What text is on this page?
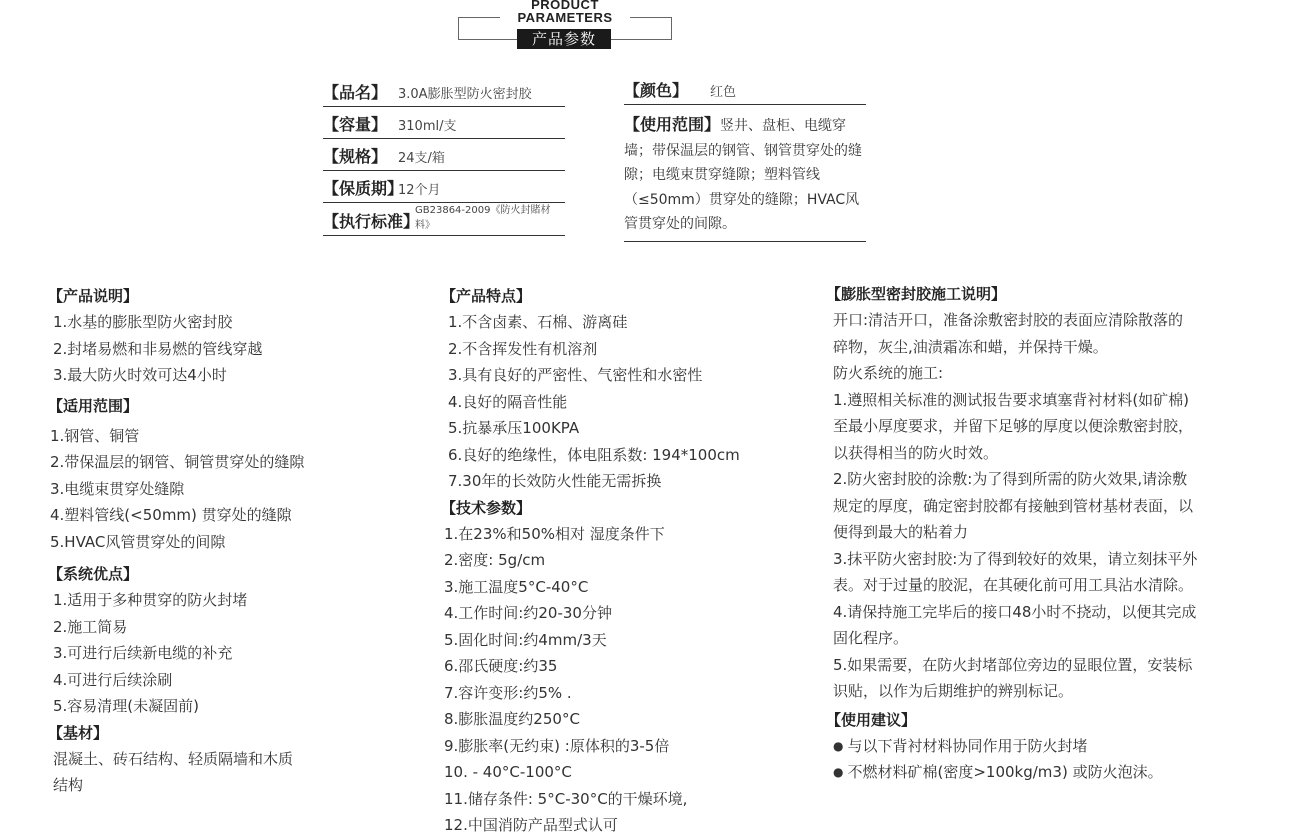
PRODUCT
PARAMETERS
产品参数
【品名】 3.0A膨胀型防火密封胶
【容量】 310ml/支
【规格】 24支/箱
【保质期】
12个月
【执行标准】
GB23864-2009《防火封賭材料》
【颜色】 红色
【使用范围】竖井、盘柜、电缆穿墙；带保温层的钢管、钢管贯穿处的缝隙；电缆束贯穿缝隙；塑料管线（≤50mm）贯穿处的缝隙；HVAC风管贯穿处的间隙。
【产品说明】
1.水基的膨胀型防火密封胶
2.封堵易燃和非易燃的管线穿越
3.最大防火时效可达4小时
【适用范围】
1.钢管、铜管
2.带保温层的钢管、铜管贯穿处的缝隙
3.电缆束贯穿处缝隙
4.塑料管线(<50mm) 贯穿处的缝隙
5.HVAC风管贯穿处的间隙
【系统优点】
1.适用于多种贯穿的防火封堵
2.施工简易
3.可进行后续新电缆的补充
4.可进行后续涂刷
5.容易清理(未凝固前)
【基材】
混凝土、砖石结构、轻质隔墙和木质
结构
【产品特点】
1.不含卤素、石棉、游离硅
2.不含挥发性有机溶剂
3.具有良好的严密性、气密性和水密性
4.良好的隔音性能
5.抗暴承压100KPA
6.良好的绝缘性，体电阻系数: 194*100cm
7.30年的长效防火性能无需拆换
【技术参数】
1.在23%和50%相对 湿度条件下
2.密度: 5g/cm
3.施工温度5°C-40°C
4.工作时间:约20-30分钟
5.固化时间:约4mm/3天
6.邵氏硬度:约35
7.容许变形:约5% .
8.膨胀温度约250°C
9.膨胀率(无约束) :原体积的3-5倍
10. - 40°C-100°C
11.储存条件: 5°C-30°C的干燥环境,
12.中国消防产品型式认可
【膨胀型密封胶施工说明】
开口:清洁开口，准备涂敷密封胶的表面应清除散落的
碎物，灰尘,油渍霜冻和蜡，并保持干燥。
防火系统的施工:
1.遵照相关标准的测试报告要求填塞背衬材料(如矿棉)
至最小厚度要求，并留下足够的厚度以便涂敷密封胶，
以获得相当的防火时效。
2.防火密封胶的涂敷:为了得到所需的防火效果,请涂敷
规定的厚度，确定密封胶都有接触到管材基材表面，以
便得到最大的粘着力
3.抹平防火密封胶:为了得到较好的效果，请立刻抹平外
表。对于过量的胶泥，在其硬化前可用工具沾水清除。
4.请保持施工完毕后的接口48小时不挠动，以便其完成
固化程序。
5.如果需要，在防火封堵部位旁边的显眼位置，安装标
识贴，以作为后期维护的辨别标记。
【使用建议】
● 与以下背衬材料协同作用于防火封堵
● 不燃材料矿棉(密度>100kg/m3) 或防火泡沫。
